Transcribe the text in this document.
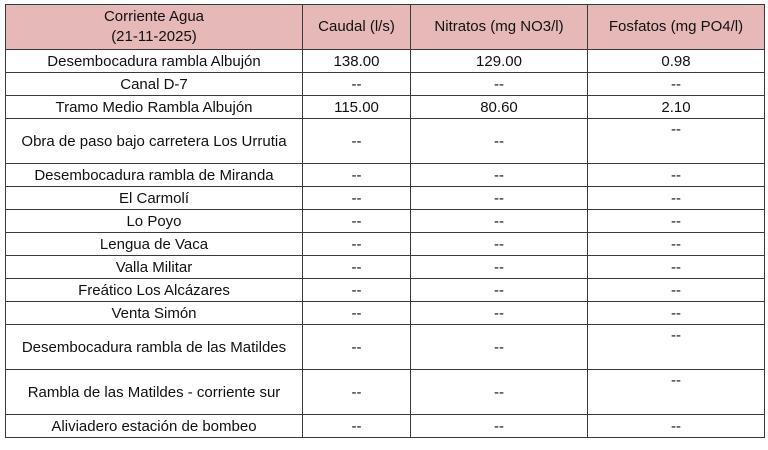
Corriente Agua
(21-11-2025)	Caudal (l/s)	Nitratos (mg NO3/l)	Fosfatos (mg PO4/l)
Desembocadura rambla Albujón	138.00	129.00	0.98
Canal D-7	--	--	--
Tramo Medio Rambla Albujón	115.00	80.60	2.10
Obra de paso bajo carretera Los Urrutia	--	--	--
Desembocadura rambla de Miranda	--	--	--
El Carmolí	--	--	--
Lo Poyo	--	--	--
Lengua de Vaca	--	--	--
Valla Militar	--	--	--
Freático Los Alcázares	--	--	--
Venta Simón	--	--	--
Desembocadura rambla de las Matildes	--	--	--
Rambla de las Matildes - corriente sur	--	--	--
Aliviadero estación de bombeo	--	--	--
